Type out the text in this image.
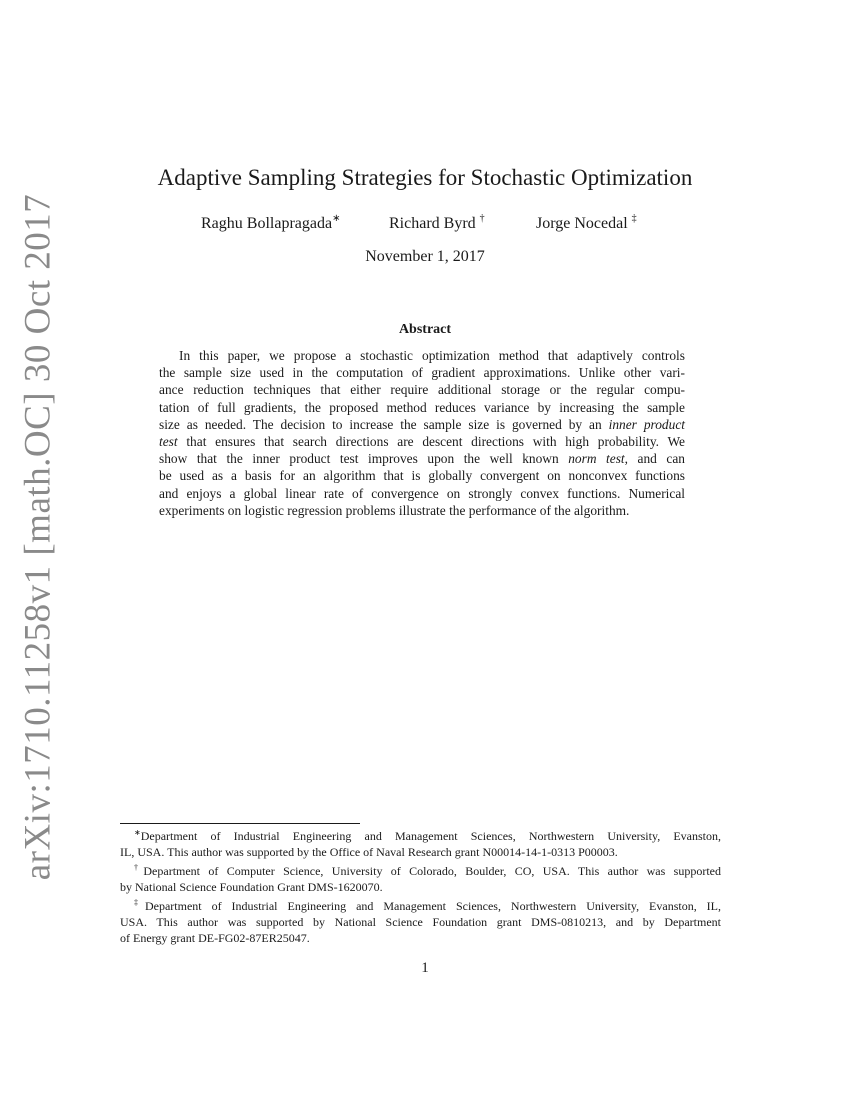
arXiv:1710.11258v1 [math.OC] 30 Oct 2017
Adaptive Sampling Strategies for Stochastic Optimization
Raghu Bollapragada∗	Richard Byrd †	Jorge Nocedal ‡
November 1, 2017
Abstract
In this paper, we propose a stochastic optimization method that adaptively controls
the sample size used in the computation of gradient approximations. Unlike other vari-
ance reduction techniques that either require additional storage or the regular compu-
tation of full gradients, the proposed method reduces variance by increasing the sample
size as needed. The decision to increase the sample size is governed by an inner product
test that ensures that search directions are descent directions with high probability. We
show that the inner product test improves upon the well known norm test, and can
be used as a basis for an algorithm that is globally convergent on nonconvex functions
and enjoys a global linear rate of convergence on strongly convex functions. Numerical
experiments on logistic regression problems illustrate the performance of the algorithm.
∗Department of Industrial Engineering and Management Sciences, Northwestern University, Evanston,
IL, USA. This author was supported by the Office of Naval Research grant N00014-14-1-0313 P00003.
†Department of Computer Science, University of Colorado, Boulder, CO, USA. This author was supported
by National Science Foundation Grant DMS-1620070.
‡Department of Industrial Engineering and Management Sciences, Northwestern University, Evanston, IL,
USA. This author was supported by National Science Foundation grant DMS-0810213, and by Department
of Energy grant DE-FG02-87ER25047.
1
